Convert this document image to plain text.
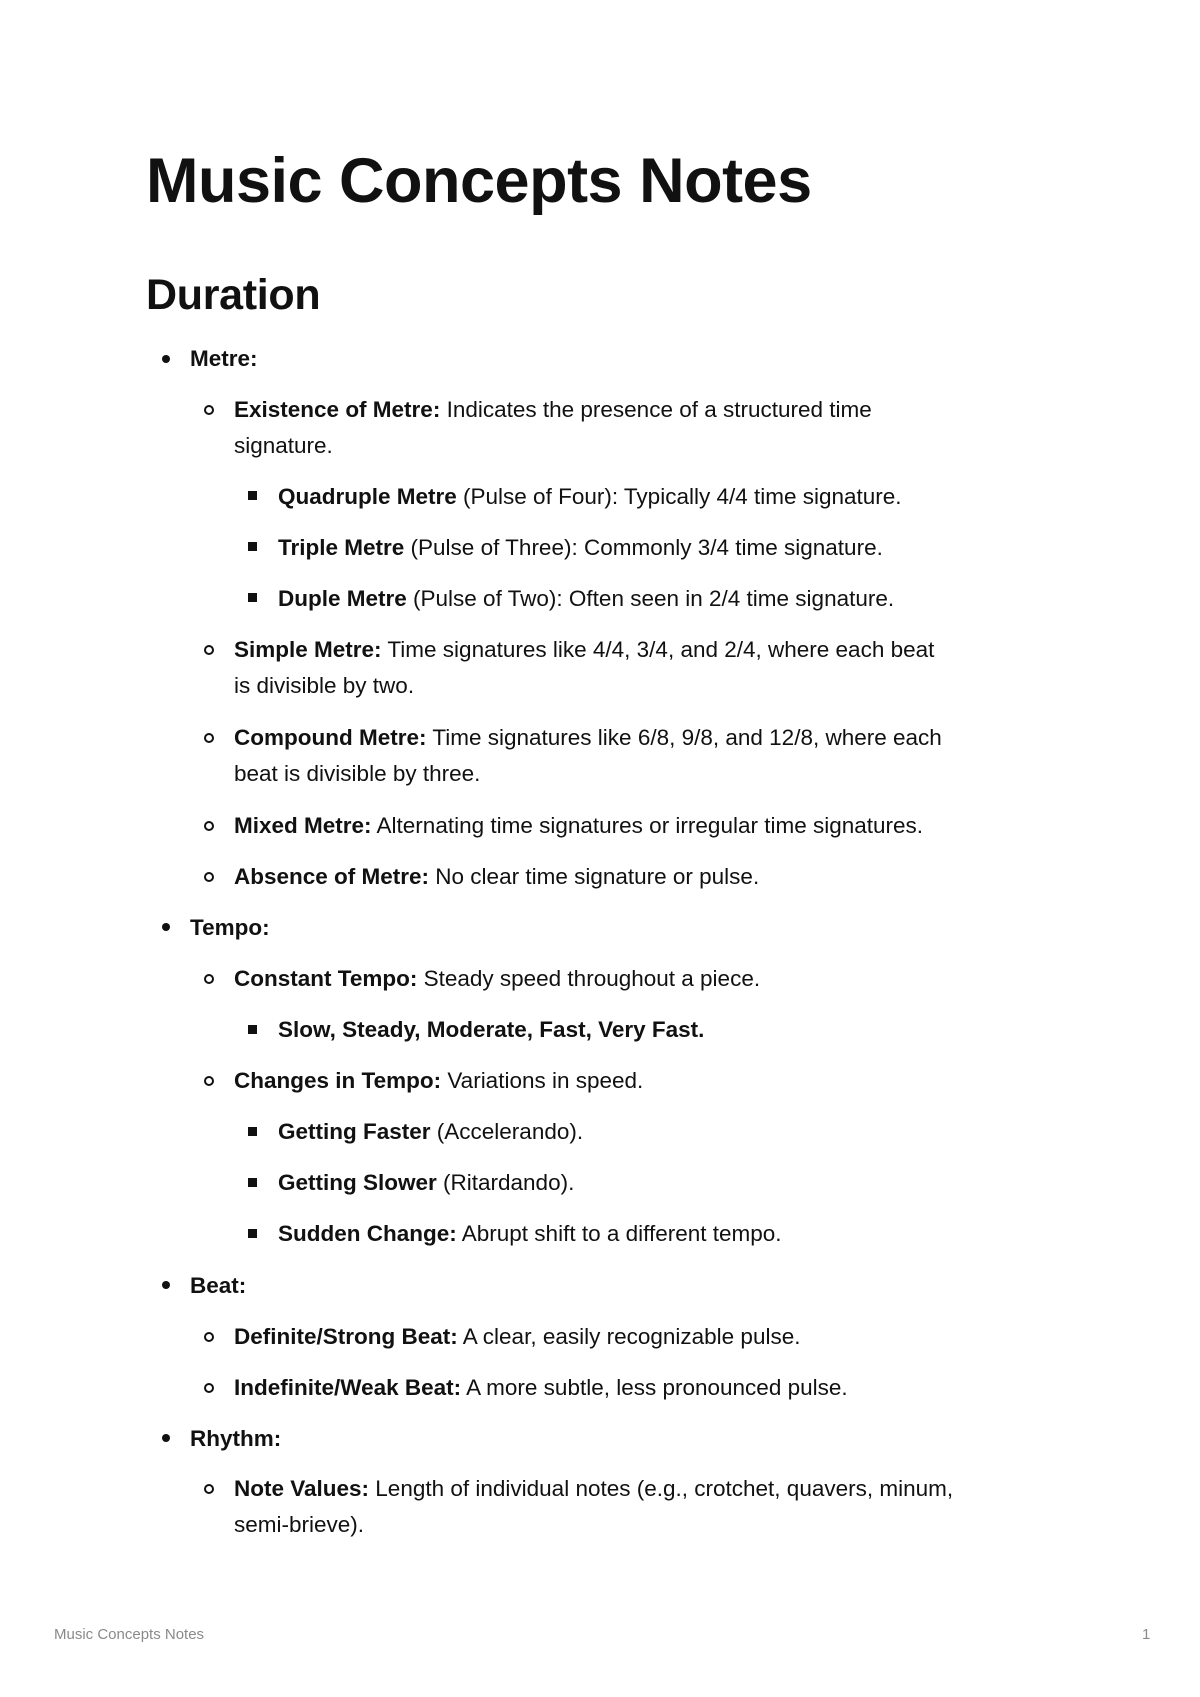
Music Concepts Notes
Duration
Metre:
Existence of Metre: Indicates the presence of a structured time
signature.
Quadruple Metre (Pulse of Four): Typically 4/4 time signature.
Triple Metre (Pulse of Three): Commonly 3/4 time signature.
Duple Metre (Pulse of Two): Often seen in 2/4 time signature.
Simple Metre: Time signatures like 4/4, 3/4, and 2/4, where each beat
is divisible by two.
Compound Metre: Time signatures like 6/8, 9/8, and 12/8, where each
beat is divisible by three.
Mixed Metre: Alternating time signatures or irregular time signatures.
Absence of Metre: No clear time signature or pulse.
Tempo:
Constant Tempo: Steady speed throughout a piece.
Slow, Steady, Moderate, Fast, Very Fast.
Changes in Tempo: Variations in speed.
Getting Faster (Accelerando).
Getting Slower (Ritardando).
Sudden Change: Abrupt shift to a different tempo.
Beat:
Definite/Strong Beat: A clear, easily recognizable pulse.
Indefinite/Weak Beat: A more subtle, less pronounced pulse.
Rhythm:
Note Values: Length of individual notes (e.g., crotchet, quavers, minum,
semi-brieve).
Music Concepts Notes	1
